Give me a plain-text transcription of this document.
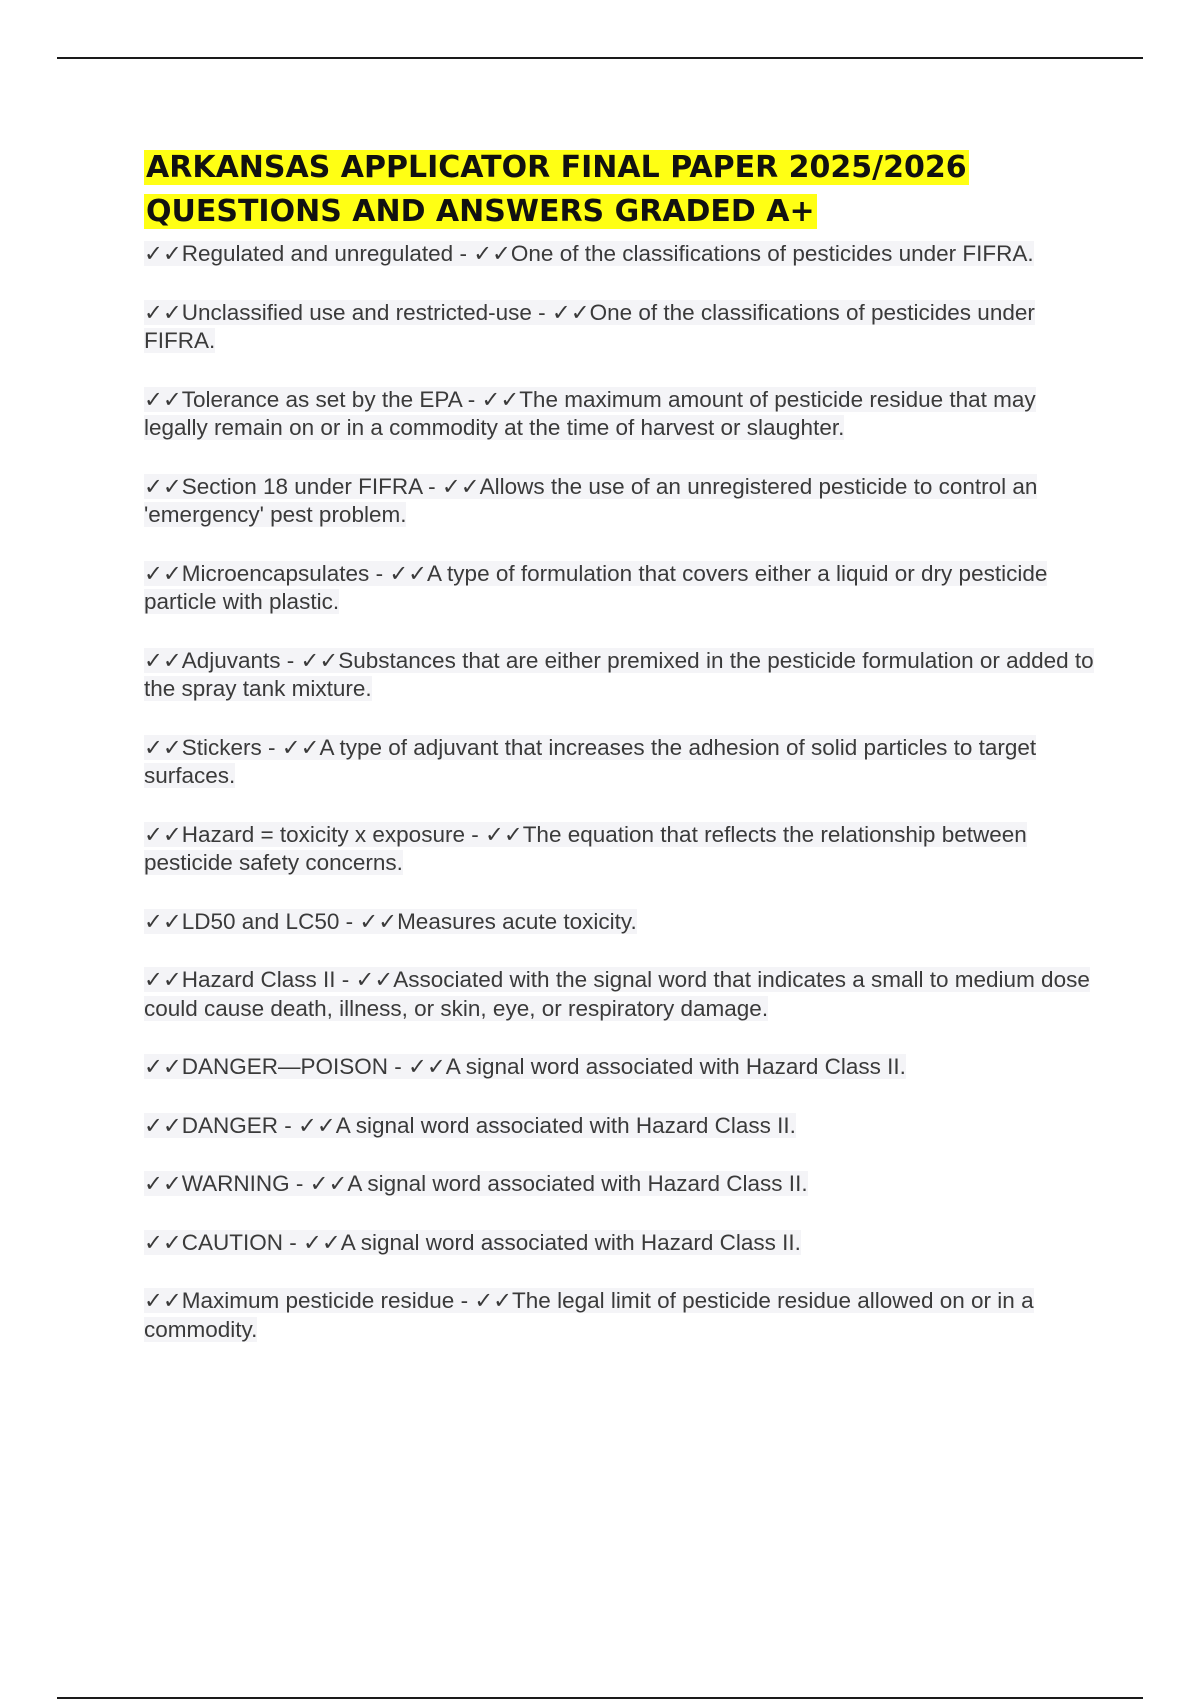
ARKANSAS APPLICATOR FINAL PAPER 2025/2026
QUESTIONS AND ANSWERS GRADED A+
✓✓Regulated and unregulated - ✓✓One of the classifications of pesticides under FIFRA.
✓✓Unclassified use and restricted-use - ✓✓One of the classifications of pesticides under FIFRA.
✓✓Tolerance as set by the EPA - ✓✓The maximum amount of pesticide residue that may legally remain on or in a commodity at the time of harvest or slaughter.
✓✓Section 18 under FIFRA - ✓✓Allows the use of an unregistered pesticide to control an 'emergency' pest problem.
✓✓Microencapsulates - ✓✓A type of formulation that covers either a liquid or dry pesticide particle with plastic.
✓✓Adjuvants - ✓✓Substances that are either premixed in the pesticide formulation or added to the spray tank mixture.
✓✓Stickers - ✓✓A type of adjuvant that increases the adhesion of solid particles to target surfaces.
✓✓Hazard = toxicity x exposure - ✓✓The equation that reflects the relationship between pesticide safety concerns.
✓✓LD50 and LC50 - ✓✓Measures acute toxicity.
✓✓Hazard Class II - ✓✓Associated with the signal word that indicates a small to medium dose could cause death, illness, or skin, eye, or respiratory damage.
✓✓DANGER—POISON - ✓✓A signal word associated with Hazard Class II.
✓✓DANGER - ✓✓A signal word associated with Hazard Class II.
✓✓WARNING - ✓✓A signal word associated with Hazard Class II.
✓✓CAUTION - ✓✓A signal word associated with Hazard Class II.
✓✓Maximum pesticide residue - ✓✓The legal limit of pesticide residue allowed on or in a commodity.
